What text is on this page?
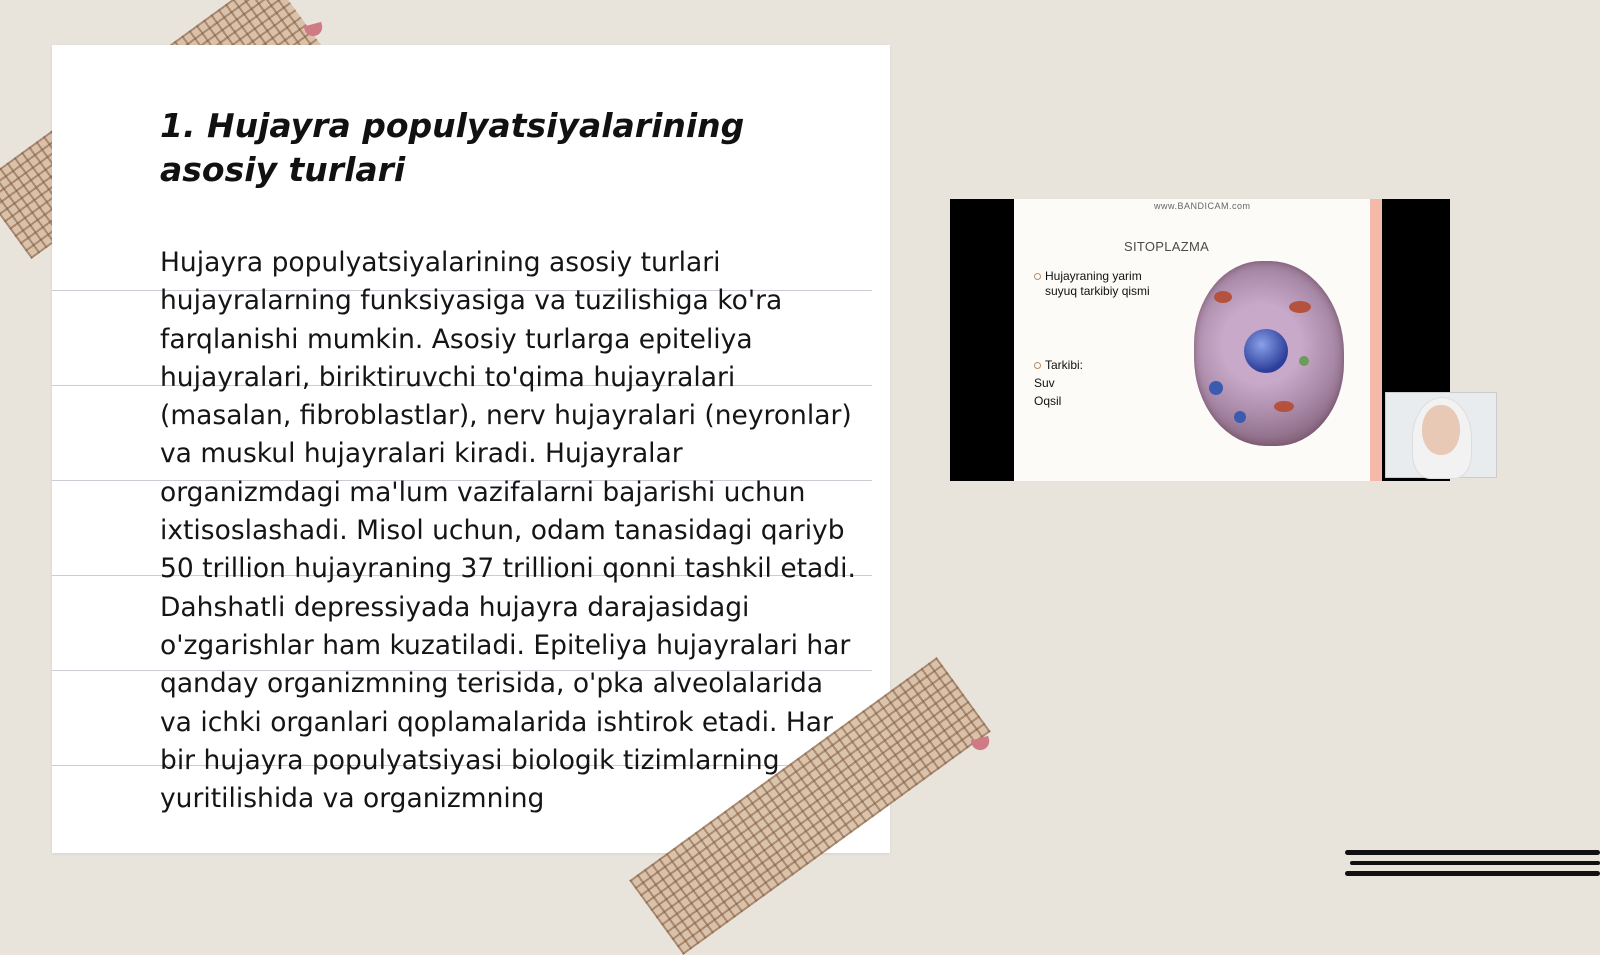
1. Hujayra populyatsiyalarining asosiy turlari

Hujayra populyatsiyalarining asosiy turlari hujayralarning funksiyasiga va tuzilishiga ko'ra farqlanishi mumkin. Asosiy turlarga epiteliya hujayralari, biriktiruvchi to'qima hujayralari (masalan, fibroblastlar), nerv hujayralari (neyronlar) va muskul hujayralari kiradi. Hujayralar organizmdagi ma'lum vazifalarni bajarishi uchun ixtisoslashadi. Misol uchun, odam tanasidagi qariyb 50 trillion hujayraning 37 trillioni qonni tashkil etadi. Dahshatli depressiyada hujayra darajasidagi o'zgarishlar ham kuzatiladi. Epiteliya hujayralari har qanday organizmning terisida, o'pka alveolalarida va ichki organlari qoplamalarida ishtirok etadi. Har bir hujayra populyatsiyasi biologik tizimlarning yuritilishida va organizmning

www.BANDICAM.com
SITOPLAZMA
Hujayraning yarim
suyuq tarkibiy qismi
Tarkibi:
Suv
Oqsil
